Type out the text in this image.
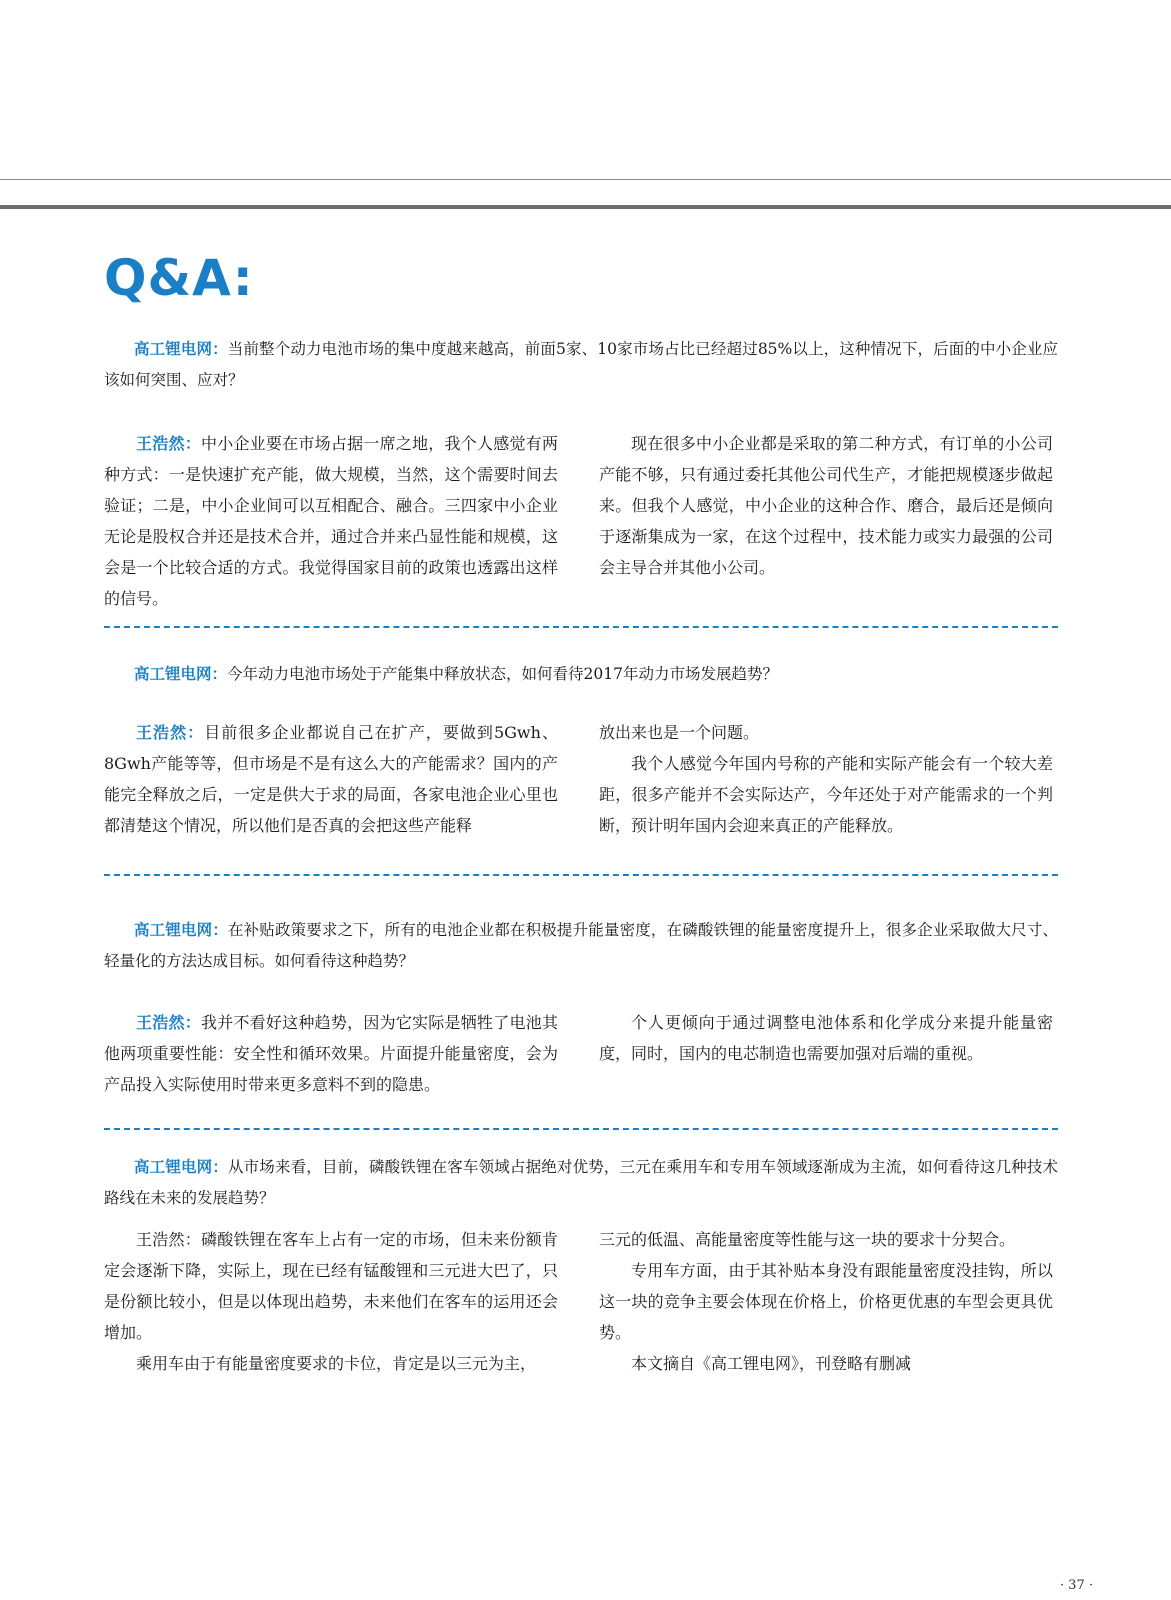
Q&A:

高工锂电网：当前整个动力电池市场的集中度越来越高，前面5家、10家市场占比已经超过85%以上，这种情况下，后面的中小企业应该如何突围、应对？

王浩然：中小企业要在市场占据一席之地，我个人感觉有两种方式：一是快速扩充产能，做大规模，当然，这个需要时间去验证；二是，中小企业间可以互相配合、融合。三四家中小企业无论是股权合并还是技术合并，通过合并来凸显性能和规模，这会是一个比较合适的方式。我觉得国家目前的政策也透露出这样的信号。

现在很多中小企业都是采取的第二种方式，有订单的小公司产能不够，只有通过委托其他公司代生产，才能把规模逐步做起来。但我个人感觉，中小企业的这种合作、磨合，最后还是倾向于逐渐集成为一家，在这个过程中，技术能力或实力最强的公司会主导合并其他小公司。

高工锂电网：今年动力电池市场处于产能集中释放状态，如何看待2017年动力市场发展趋势？

王浩然：目前很多企业都说自己在扩产，要做到5Gwh、8Gwh产能等等，但市场是不是有这么大的产能需求？国内的产能完全释放之后，一定是供大于求的局面，各家电池企业心里也都清楚这个情况，所以他们是否真的会把这些产能释

放出来也是一个问题。

我个人感觉今年国内号称的产能和实际产能会有一个较大差距，很多产能并不会实际达产，今年还处于对产能需求的一个判断，预计明年国内会迎来真正的产能释放。

高工锂电网：在补贴政策要求之下，所有的电池企业都在积极提升能量密度，在磷酸铁锂的能量密度提升上，很多企业采取做大尺寸、轻量化的方法达成目标。如何看待这种趋势？

王浩然：我并不看好这种趋势，因为它实际是牺牲了电池其他两项重要性能：安全性和循环效果。片面提升能量密度，会为产品投入实际使用时带来更多意料不到的隐患。

个人更倾向于通过调整电池体系和化学成分来提升能量密度，同时，国内的电芯制造也需要加强对后端的重视。

高工锂电网：从市场来看，目前，磷酸铁锂在客车领域占据绝对优势，三元在乘用车和专用车领域逐渐成为主流，如何看待这几种技术路线在未来的发展趋势？

王浩然：磷酸铁锂在客车上占有一定的市场，但未来份额肯定会逐渐下降，实际上，现在已经有锰酸锂和三元进大巴了，只是份额比较小，但是以体现出趋势，未来他们在客车的运用还会增加。

乘用车由于有能量密度要求的卡位，肯定是以三元为主，

三元的低温、高能量密度等性能与这一块的要求十分契合。

专用车方面，由于其补贴本身没有跟能量密度没挂钩，所以这一块的竞争主要会体现在价格上，价格更优惠的车型会更具优势。

本文摘自《高工锂电网》，刊登略有删减

· 37 ·
